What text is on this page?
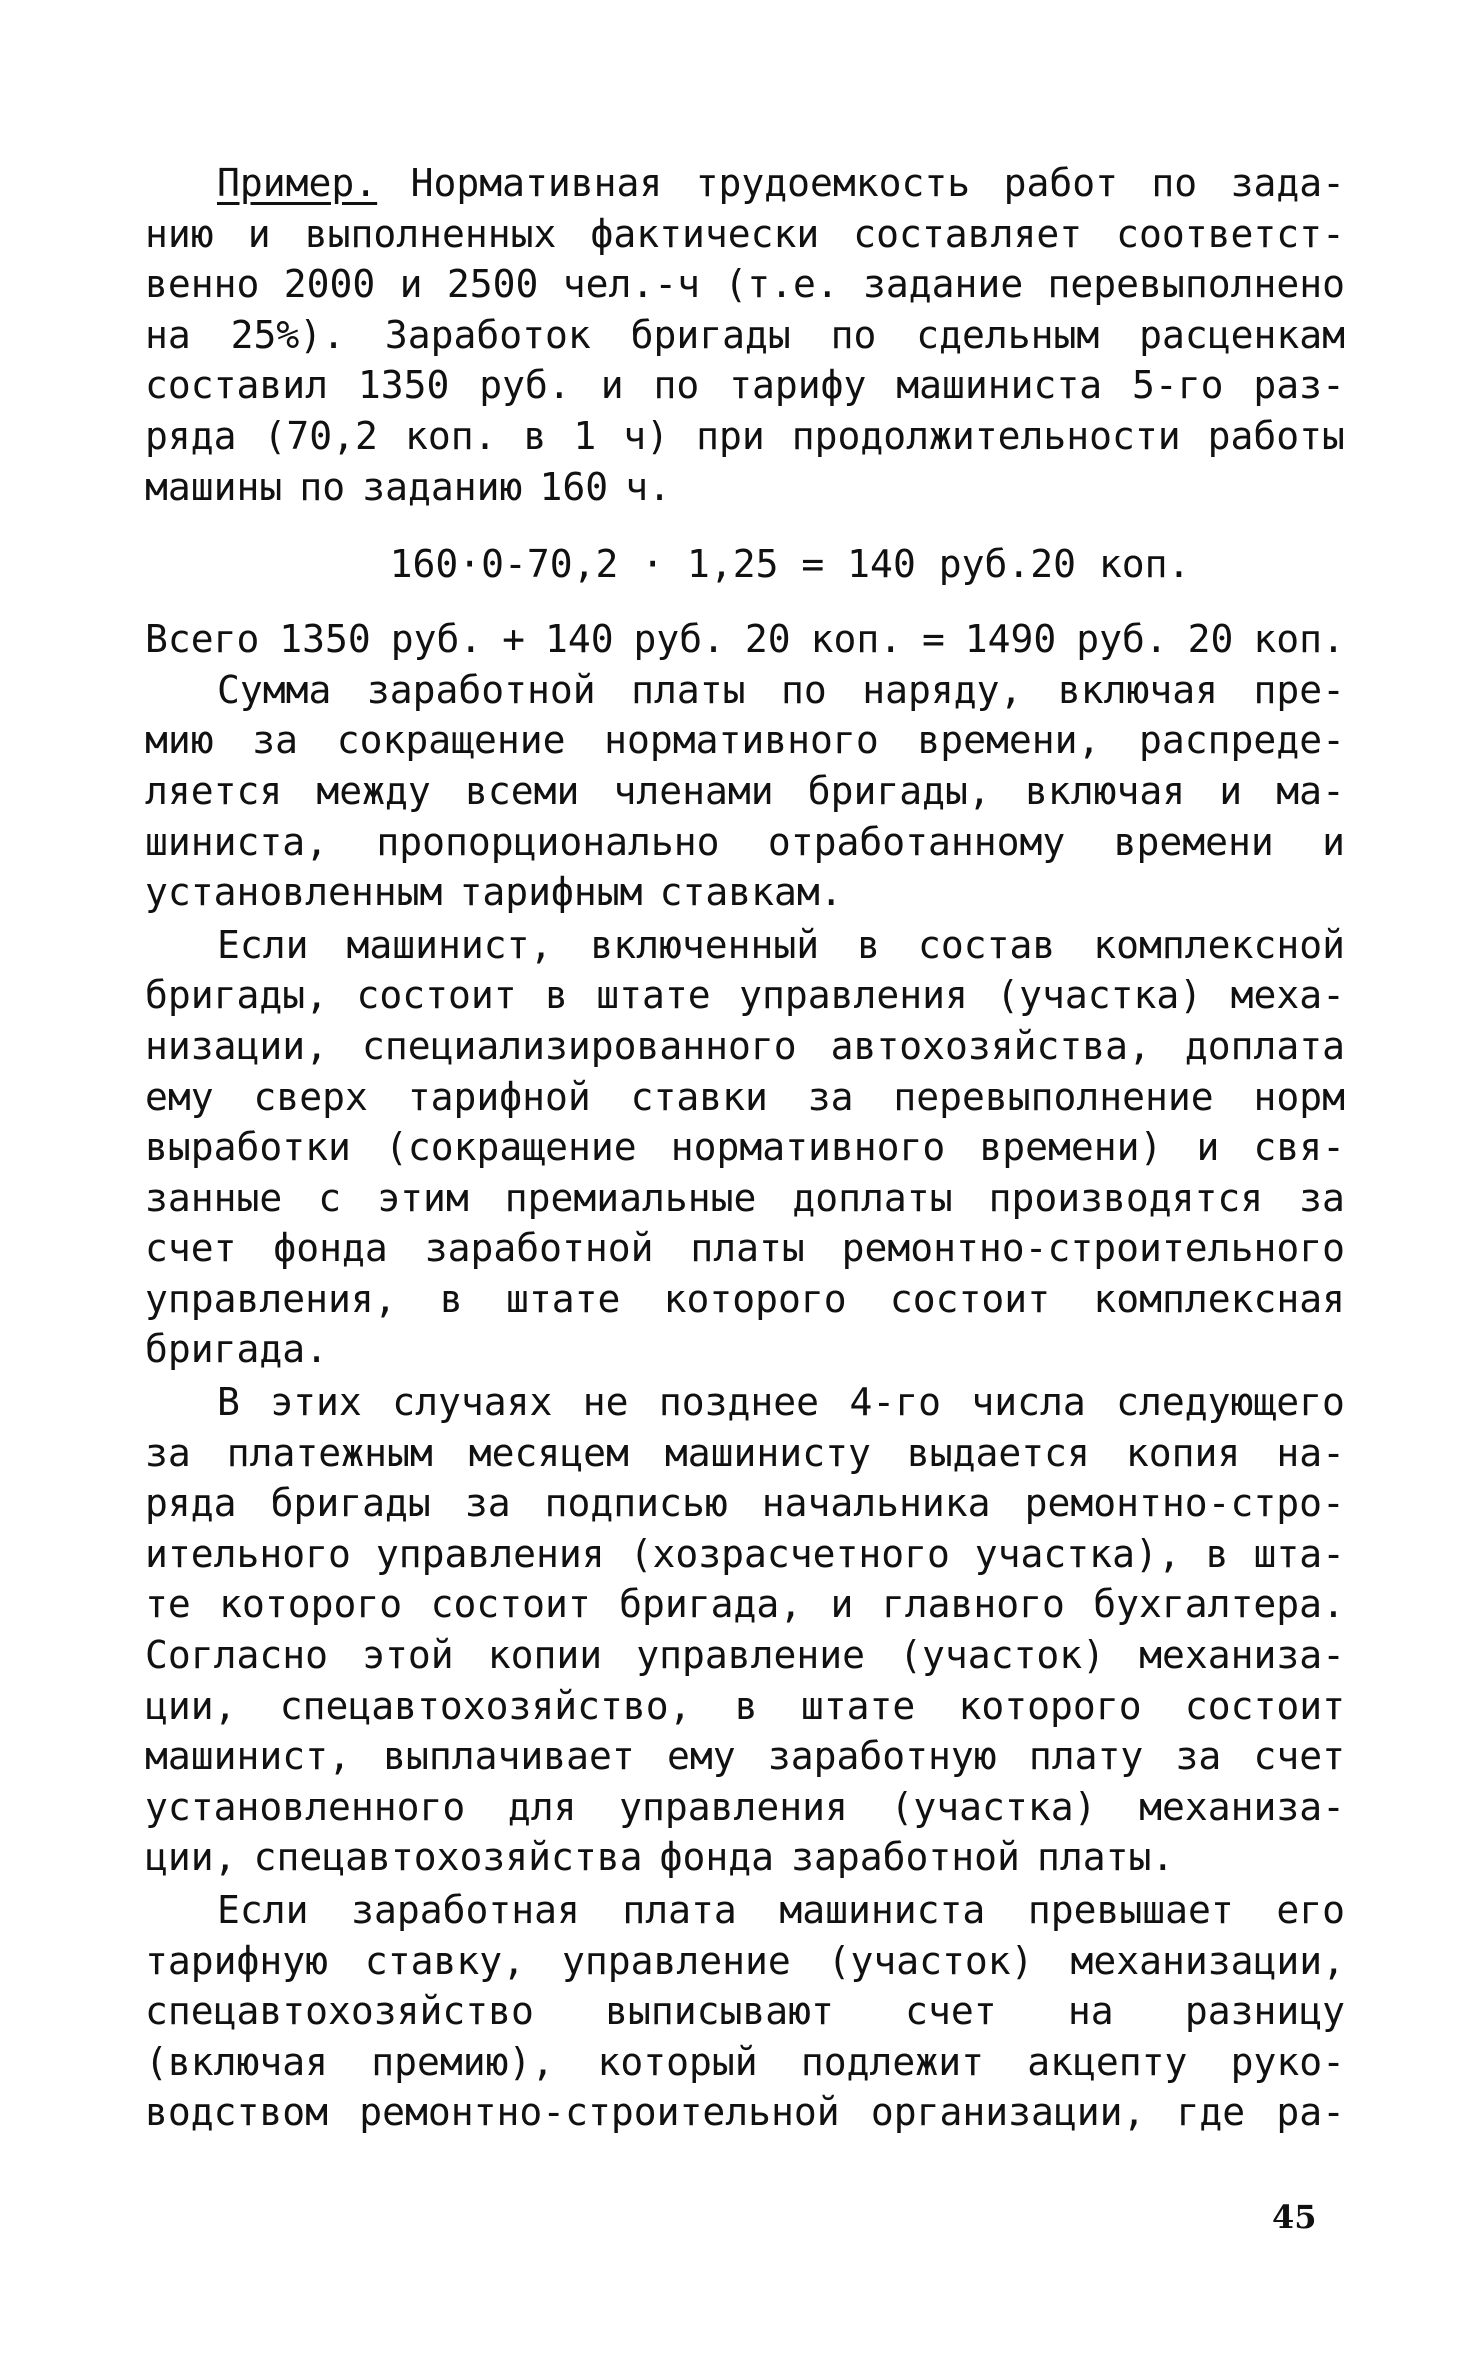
Пример. Нормативная трудоемкость работ по зада-
нию и выполненных фактически составляет соответст-
венно 2000 и 2500 чел.-ч (т.е. задание перевыполнено
на 25%). Заработок бригады по сдельным расценкам
составил 1350 руб. и по тарифу машиниста 5-го раз-
ряда (70,2 коп. в 1 ч) при продолжительности работы
машины по заданию 160 ч.
160·0-70,2 · 1,25 = 140 руб.20 коп.
Всего 1350 руб. + 140 руб. 20 коп. = 1490 руб. 20 коп.
Сумма заработной платы по наряду, включая пре-
мию за сокращение нормативного времени, распреде-
ляется между всеми членами бригады, включая и ма-
шиниста, пропорционально отработанному времени и
установленным тарифным ставкам.
Если машинист, включенный в состав комплексной
бригады, состоит в штате управления (участка) меха-
низации, специализированного автохозяйства, доплата
ему сверх тарифной ставки за перевыполнение норм
выработки (сокращение нормативного времени) и свя-
занные с этим премиальные доплаты производятся за
счет фонда заработной платы ремонтно-строительного
управления, в штате которого состоит комплексная
бригада.
В этих случаях не позднее 4-го числа следующего
за платежным месяцем машинисту выдается копия на-
ряда бригады за подписью начальника ремонтно-стро-
ительного управления (хозрасчетного участка), в шта-
те которого состоит бригада, и главного бухгалтера.
Согласно этой копии управление (участок) механиза-
ции, спецавтохозяйство, в штате которого состоит
машинист, выплачивает ему заработную плату за счет
установленного для управления (участка) механиза-
ции, спецавтохозяйства фонда заработной платы.
Если заработная плата машиниста превышает его
тарифную ставку, управление (участок) механизации,
спецавтохозяйство выписывают счет на разницу
(включая премию), который подлежит акцепту руко-
водством ремонтно-строительной организации, где ра-
45
